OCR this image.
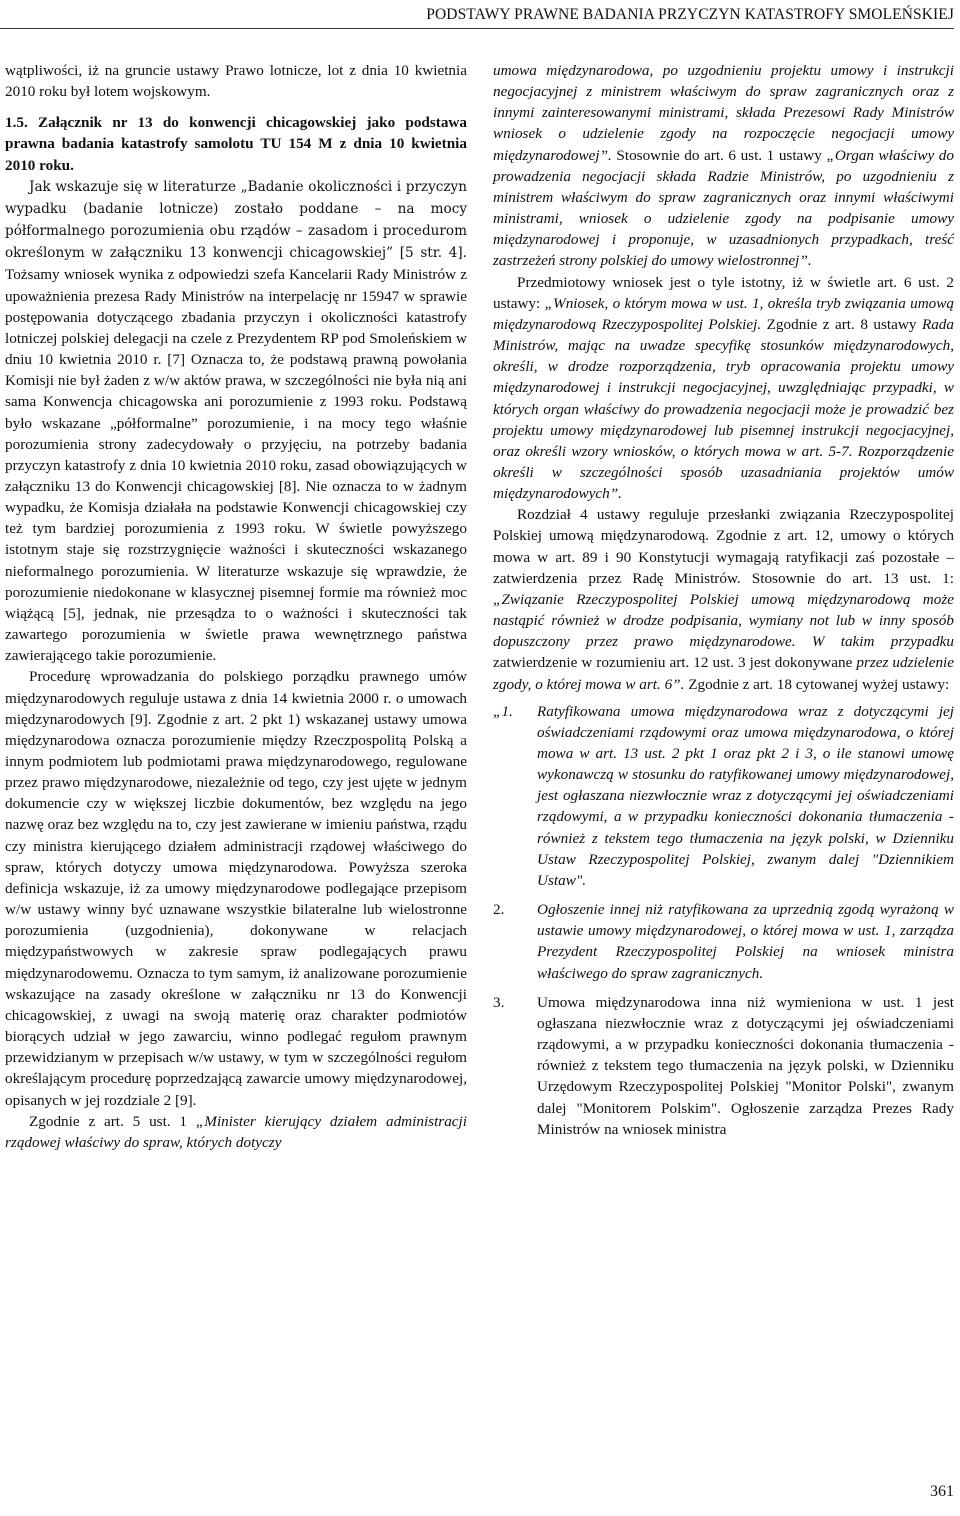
PODSTAWY PRAWNE BADANIA PRZYCZYN KATASTROFY SMOLEŃSKIEJ

wątpliwości, iż na gruncie ustawy Prawo lotnicze, lot z dnia 10 kwietnia 2010 roku był lotem wojskowym.

1.5. Załącznik nr 13 do konwencji chicagowskiej jako podstawa prawna badania katastrofy samolotu TU 154 M z dnia 10 kwietnia 2010 roku.

Jak wskazuje się w literaturze „Badanie okoliczności i przyczyn wypadku (badanie lotnicze) zostało poddane – na mocy półformalnego porozumienia obu rządów – zasadom i procedurom określonym w załączniku 13 konwencji chicagowskiej” [5 str. 4]. Tożsamy wniosek wynika z odpowiedzi szefa Kancelarii Rady Ministrów z upoważnienia prezesa Rady Ministrów na interpelację nr 15947 w sprawie postępowania dotyczącego zbadania przyczyn i okoliczności katastrofy lotniczej polskiej delegacji na czele z Prezydentem RP pod Smoleńskiem w dniu 10 kwietnia 2010 r. [7] Oznacza to, że podstawą prawną powołania Komisji nie był żaden z w/w aktów prawa, w szczególności nie była nią ani sama Konwencja chicagowska ani porozumienie z 1993 roku. Podstawą było wskazane „półformalne” porozumienie, i na mocy tego właśnie porozumienia strony zadecydowały o przyjęciu, na potrzeby badania przyczyn katastrofy z dnia 10 kwietnia 2010 roku, zasad obowiązujących w załączniku 13 do Konwencji chicagowskiej [8]. Nie oznacza to w żadnym wypadku, że Komisja działała na podstawie Konwencji chicagowskiej czy też tym bardziej porozumienia z 1993 roku. W świetle powyższego istotnym staje się rozstrzygnięcie ważności i skuteczności wskazanego nieformalnego porozumienia. W literaturze wskazuje się wprawdzie, że porozumienie niedokonane w klasycznej pisemnej formie ma również moc wiążącą [5], jednak, nie przesądza to o ważności i skuteczności tak zawartego porozumienia w świetle prawa wewnętrznego państwa zawierającego takie porozumienie.

Procedurę wprowadzania do polskiego porządku prawnego umów międzynarodowych reguluje ustawa z dnia 14 kwietnia 2000 r. o umowach międzynarodowych [9]. Zgodnie z art. 2 pkt 1) wskazanej ustawy umowa międzynarodowa oznacza porozumienie między Rzeczpospolitą Polską a innym podmiotem lub podmiotami prawa międzynarodowego, regulowane przez prawo międzynarodowe, niezależnie od tego, czy jest ujęte w jednym dokumencie czy w większej liczbie dokumentów, bez względu na jego nazwę oraz bez względu na to, czy jest zawierane w imieniu państwa, rządu czy ministra kierującego działem administracji rządowej właściwego do spraw, których dotyczy umowa międzynarodowa. Powyższa szeroka definicja wskazuje, iż za umowy międzynarodowe podlegające przepisom w/w ustawy winny być uznawane wszystkie bilateralne lub wielostronne porozumienia (uzgodnienia), dokonywane w relacjach międzypaństwowych w zakresie spraw podlegających prawu międzynarodowemu. Oznacza to tym samym, iż analizowane porozumienie wskazujące na zasady określone w załączniku nr 13 do Konwencji chicagowskiej, z uwagi na swoją materię oraz charakter podmiotów biorących udział w jego zawarciu, winno podlegać regułom prawnym przewidzianym w przepisach w/w ustawy, w tym w szczególności regułom określającym procedurę poprzedzającą zawarcie umowy międzynarodowej, opisanych w jej rozdziale 2 [9].

Zgodnie z art. 5 ust. 1 „Minister kierujący działem administracji rządowej właściwy do spraw, których dotyczy

umowa międzynarodowa, po uzgodnieniu projektu umowy i instrukcji negocjacyjnej z ministrem właściwym do spraw zagranicznych oraz z innymi zainteresowanymi ministrami, składa Prezesowi Rady Ministrów wniosek o udzielenie zgody na rozpoczęcie negocjacji umowy międzynarodowej”. Stosownie do art. 6 ust. 1 ustawy „Organ właściwy do prowadzenia negocjacji składa Radzie Ministrów, po uzgodnieniu z ministrem właściwym do spraw zagranicznych oraz innymi właściwymi ministrami, wniosek o udzielenie zgody na podpisanie umowy międzynarodowej i proponuje, w uzasadnionych przypadkach, treść zastrzeżeń strony polskiej do umowy wielostronnej”.

Przedmiotowy wniosek jest o tyle istotny, iż w świetle art. 6 ust. 2 ustawy: „Wniosek, o którym mowa w ust. 1, określa tryb związania umową międzynarodową Rzeczypospolitej Polskiej. Zgodnie z art. 8 ustawy Rada Ministrów, mając na uwadze specyfikę stosunków międzynarodowych, określi, w drodze rozporządzenia, tryb opracowania projektu umowy międzynarodowej i instrukcji negocjacyjnej, uwzględniając przypadki, w których organ właściwy do prowadzenia negocjacji może je prowadzić bez projektu umowy międzynarodowej lub pisemnej instrukcji negocjacyjnej, oraz określi wzory wniosków, o których mowa w art. 5-7. Rozporządzenie określi w szczególności sposób uzasadniania projektów umów międzynarodowych”.

Rozdział 4 ustawy reguluje przesłanki związania Rzeczypospolitej Polskiej umową międzynarodową. Zgodnie z art. 12, umowy o których mowa w art. 89 i 90 Konstytucji wymagają ratyfikacji zaś pozostałe – zatwierdzenia przez Radę Ministrów. Stosownie do art. 13 ust. 1: „Związanie Rzeczypospolitej Polskiej umową międzynarodową może nastąpić również w drodze podpisania, wymiany not lub w inny sposób dopuszczony przez prawo międzynarodowe. W takim przypadku zatwierdzenie w rozumieniu art. 12 ust. 3 jest dokonywane przez udzielenie zgody, o której mowa w art. 6”. Zgodnie z art. 18 cytowanej wyżej ustawy:

„1.	Ratyfikowana umowa międzynarodowa wraz z dotyczącymi jej oświadczeniami rządowymi oraz umowa międzynarodowa, o której mowa w art. 13 ust. 2 pkt 1 oraz pkt 2 i 3, o ile stanowi umowę wykonawczą w stosunku do ratyfikowanej umowy międzynarodowej, jest ogłaszana niezwłocznie wraz z dotyczącymi jej oświadczeniami rządowymi, a w przypadku konieczności dokonania tłumaczenia - również z tekstem tego tłumaczenia na język polski, w Dzienniku Ustaw Rzeczypospolitej Polskiej, zwanym dalej "Dziennikiem Ustaw".
2.	Ogłoszenie innej niż ratyfikowana za uprzednią zgodą wyrażoną w ustawie umowy międzynarodowej, o której mowa w ust. 1, zarządza Prezydent Rzeczypospolitej Polskiej na wniosek ministra właściwego do spraw zagranicznych.
3.	Umowa międzynarodowa inna niż wymieniona w ust. 1 jest ogłaszana niezwłocznie wraz z dotyczącymi jej oświadczeniami rządowymi, a w przypadku konieczności dokonania tłumaczenia - również z tekstem tego tłumaczenia na język polski, w Dzienniku Urzędowym Rzeczypospolitej Polskiej "Monitor Polski", zwanym dalej "Monitorem Polskim". Ogłoszenie zarządza Prezes Rady Ministrów na wniosek ministra
361
